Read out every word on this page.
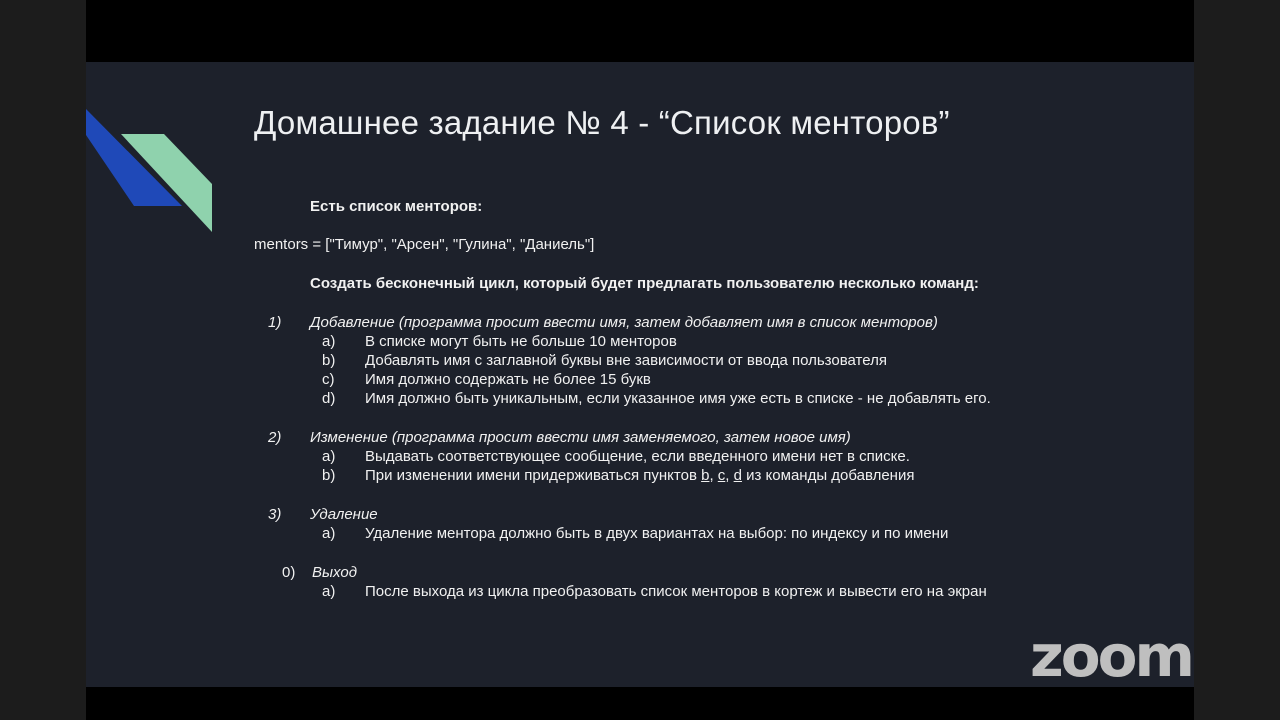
Домашнее задание № 4 - “Список менторов”
Есть список менторов:
mentors = ["Тимур", "Арсен", "Гулина", "Даниель"]
Создать бесконечный цикл, который будет предлагать пользователю несколько команд:
1) Добавление (программа просит ввести имя, затем добавляет имя в список менторов)
a) В списке могут быть не больше 10 менторов
b) Добавлять имя с заглавной буквы вне зависимости от ввода пользователя
c) Имя должно содержать не более 15 букв
d) Имя должно быть уникальным, если указанное имя уже есть в списке - не добавлять его.
2) Изменение (программа просит ввести имя заменяемого, затем новое имя)
a) Выдавать соответствующее сообщение, если введенного имени нет в списке.
b) При изменении имени придерживаться пунктов b, c, d из команды добавления
3) Удаление
a) Удаление ментора должно быть в двух вариантах на выбор: по индексу и по имени
0) Выход
a) После выхода из цикла преобразовать список менторов в кортеж и вывести его на экран
zoom
